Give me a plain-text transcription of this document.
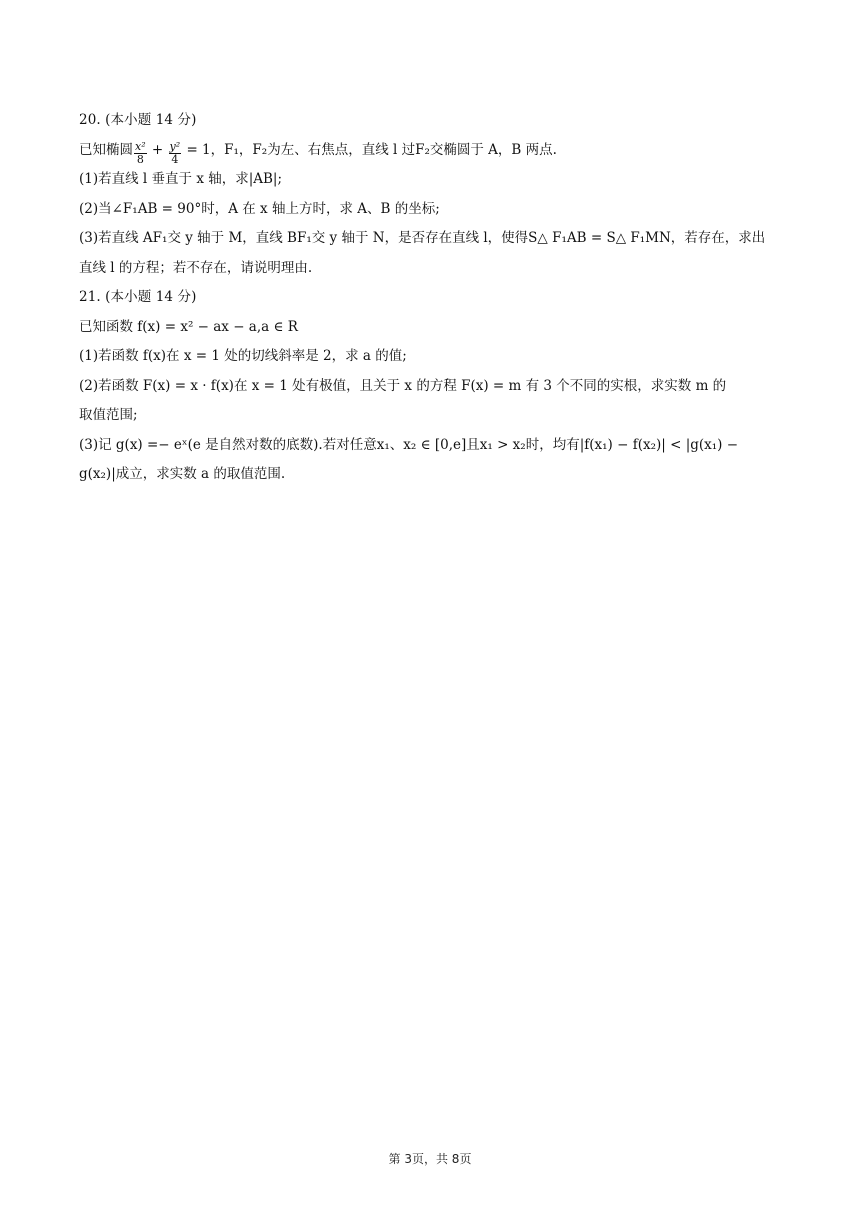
20. (本小题 14 分)
已知椭圆 $\frac{\text{x²}}{8} + \frac{\text{y²}}{4} = 1$，F₁，F₂为左、右焦点，直线 l 过F₂交椭圆于 A，B 两点.
(1)若直线 l 垂直于 x 轴，求|AB|;
(2)当∠F₁AB = 90°时，A 在 x 轴上方时，求 A、B 的坐标;
(3)若直线 AF₁交 y 轴于 M，直线 BF₁交 y 轴于 N，是否存在直线 l，使得S△ F₁AB = S△ F₁MN，若存在，求出
直线 l 的方程；若不存在，请说明理由.
21. (本小题 14 分)
已知函数 f(x) = x² − ax − a,a ∈ R
(1)若函数 f(x)在 x = 1 处的切线斜率是 2，求 a 的值;
(2)若函数 F(x) = x · f(x)在 x = 1 处有极值，且关于 x 的方程 F(x) = m 有 3 个不同的实根，求实数 m 的
取值范围;
(3)记 g(x) =− eˣ(e 是自然对数的底数).若对任意x₁、x₂ ∈ [0,e]且x₁ > x₂时，均有|f(x₁) − f(x₂)| < |g(x₁) −
g(x₂)|成立，求实数 a 的取值范围.
第 3页，共 8页
